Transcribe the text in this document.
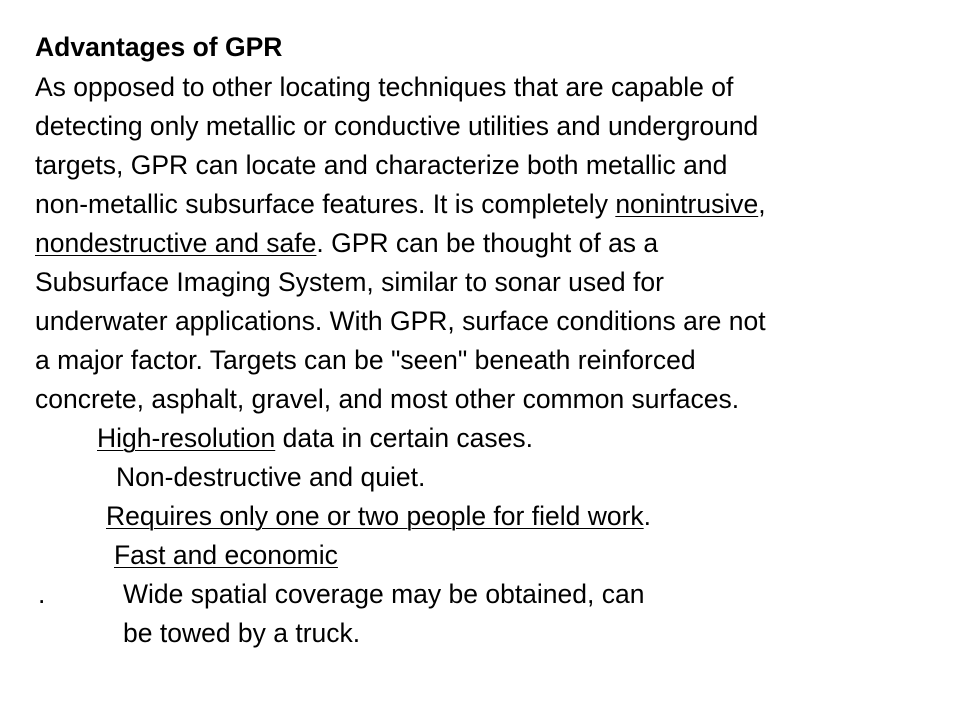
Advantages of GPR
As opposed to other locating techniques that are capable of
detecting only metallic or conductive utilities and underground
targets, GPR can locate and characterize both metallic and
non-metallic subsurface features. It is completely nonintrusive,
nondestructive and safe. GPR can be thought of as a
Subsurface Imaging System, similar to sonar used for
underwater applications. With GPR, surface conditions are not
a major factor. Targets can be "seen" beneath reinforced
concrete, asphalt, gravel, and most other common surfaces.
High-resolution data in certain cases.
Non-destructive and quiet.
Requires only one or two people for field work.
Fast and economic
.	Wide spatial coverage may be obtained, can
be towed by a truck.
